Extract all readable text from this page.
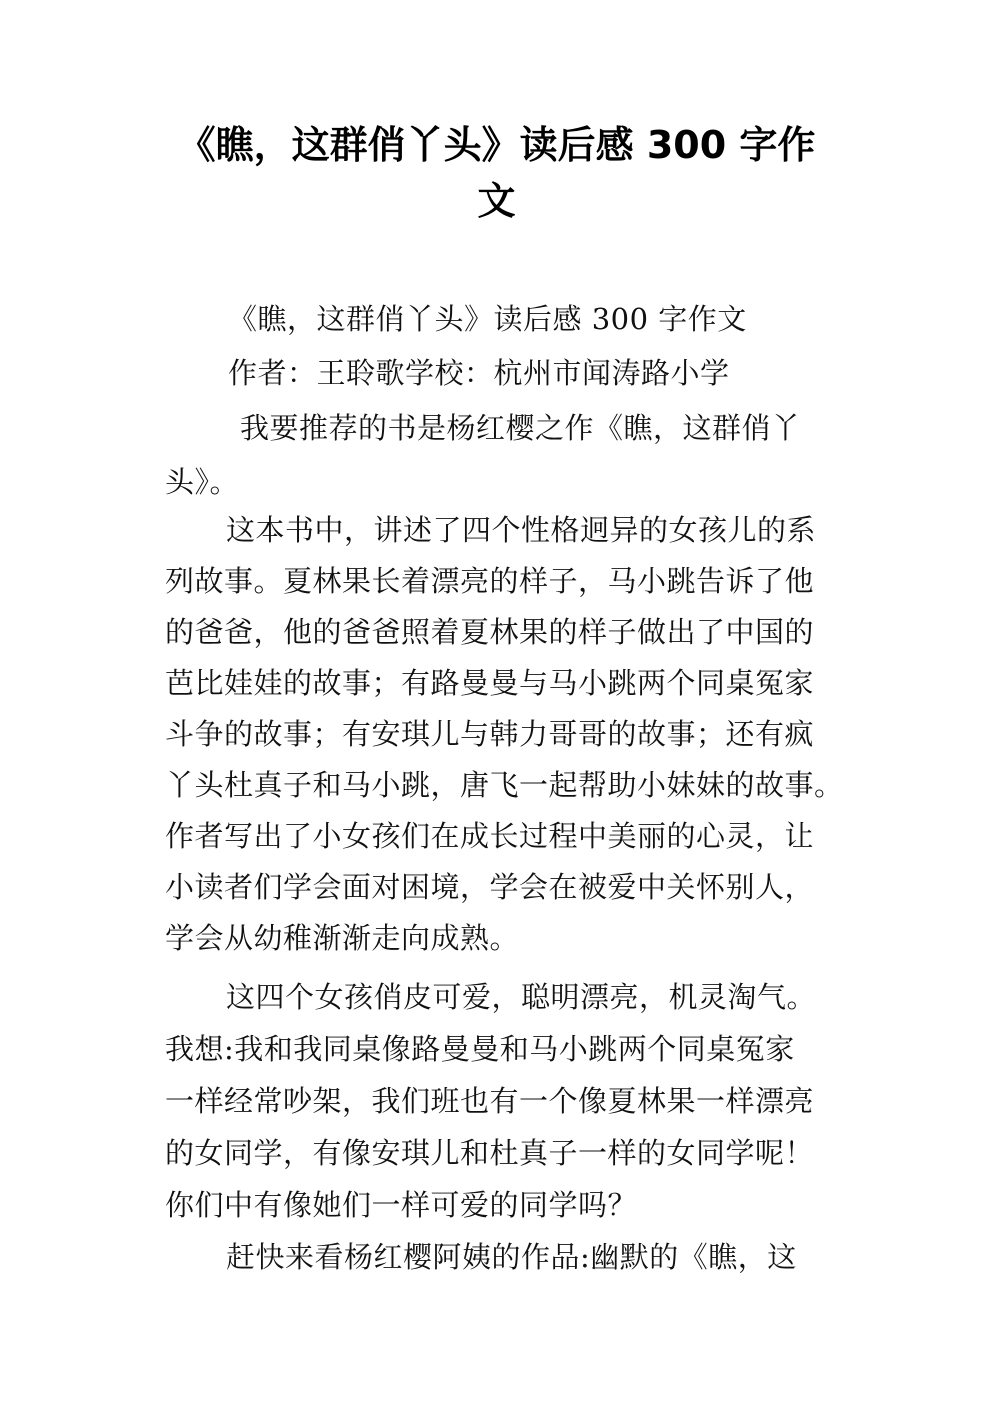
《瞧，这群俏丫头》读后感 300 字作
文
《瞧，这群俏丫头》读后感 300 字作文
作者：王聆歌学校：杭州市闻涛路小学
我要推荐的书是杨红樱之作《瞧，这群俏丫
头》。
这本书中，讲述了四个性格迥异的女孩儿的系
列故事。夏林果长着漂亮的样子，马小跳告诉了他
的爸爸，他的爸爸照着夏林果的样子做出了中国的
芭比娃娃的故事；有路曼曼与马小跳两个同桌冤家
斗争的故事；有安琪儿与韩力哥哥的故事；还有疯
丫头杜真子和马小跳，唐飞一起帮助小妹妹的故事。
作者写出了小女孩们在成长过程中美丽的心灵，让
小读者们学会面对困境，学会在被爱中关怀别人，
学会从幼稚渐渐走向成熟。
这四个女孩俏皮可爱，聪明漂亮，机灵淘气。
我想:我和我同桌像路曼曼和马小跳两个同桌冤家
一样经常吵架，我们班也有一个像夏林果一样漂亮
的女同学，有像安琪儿和杜真子一样的女同学呢！
你们中有像她们一样可爱的同学吗？
赶快来看杨红樱阿姨的作品:幽默的《瞧，这
